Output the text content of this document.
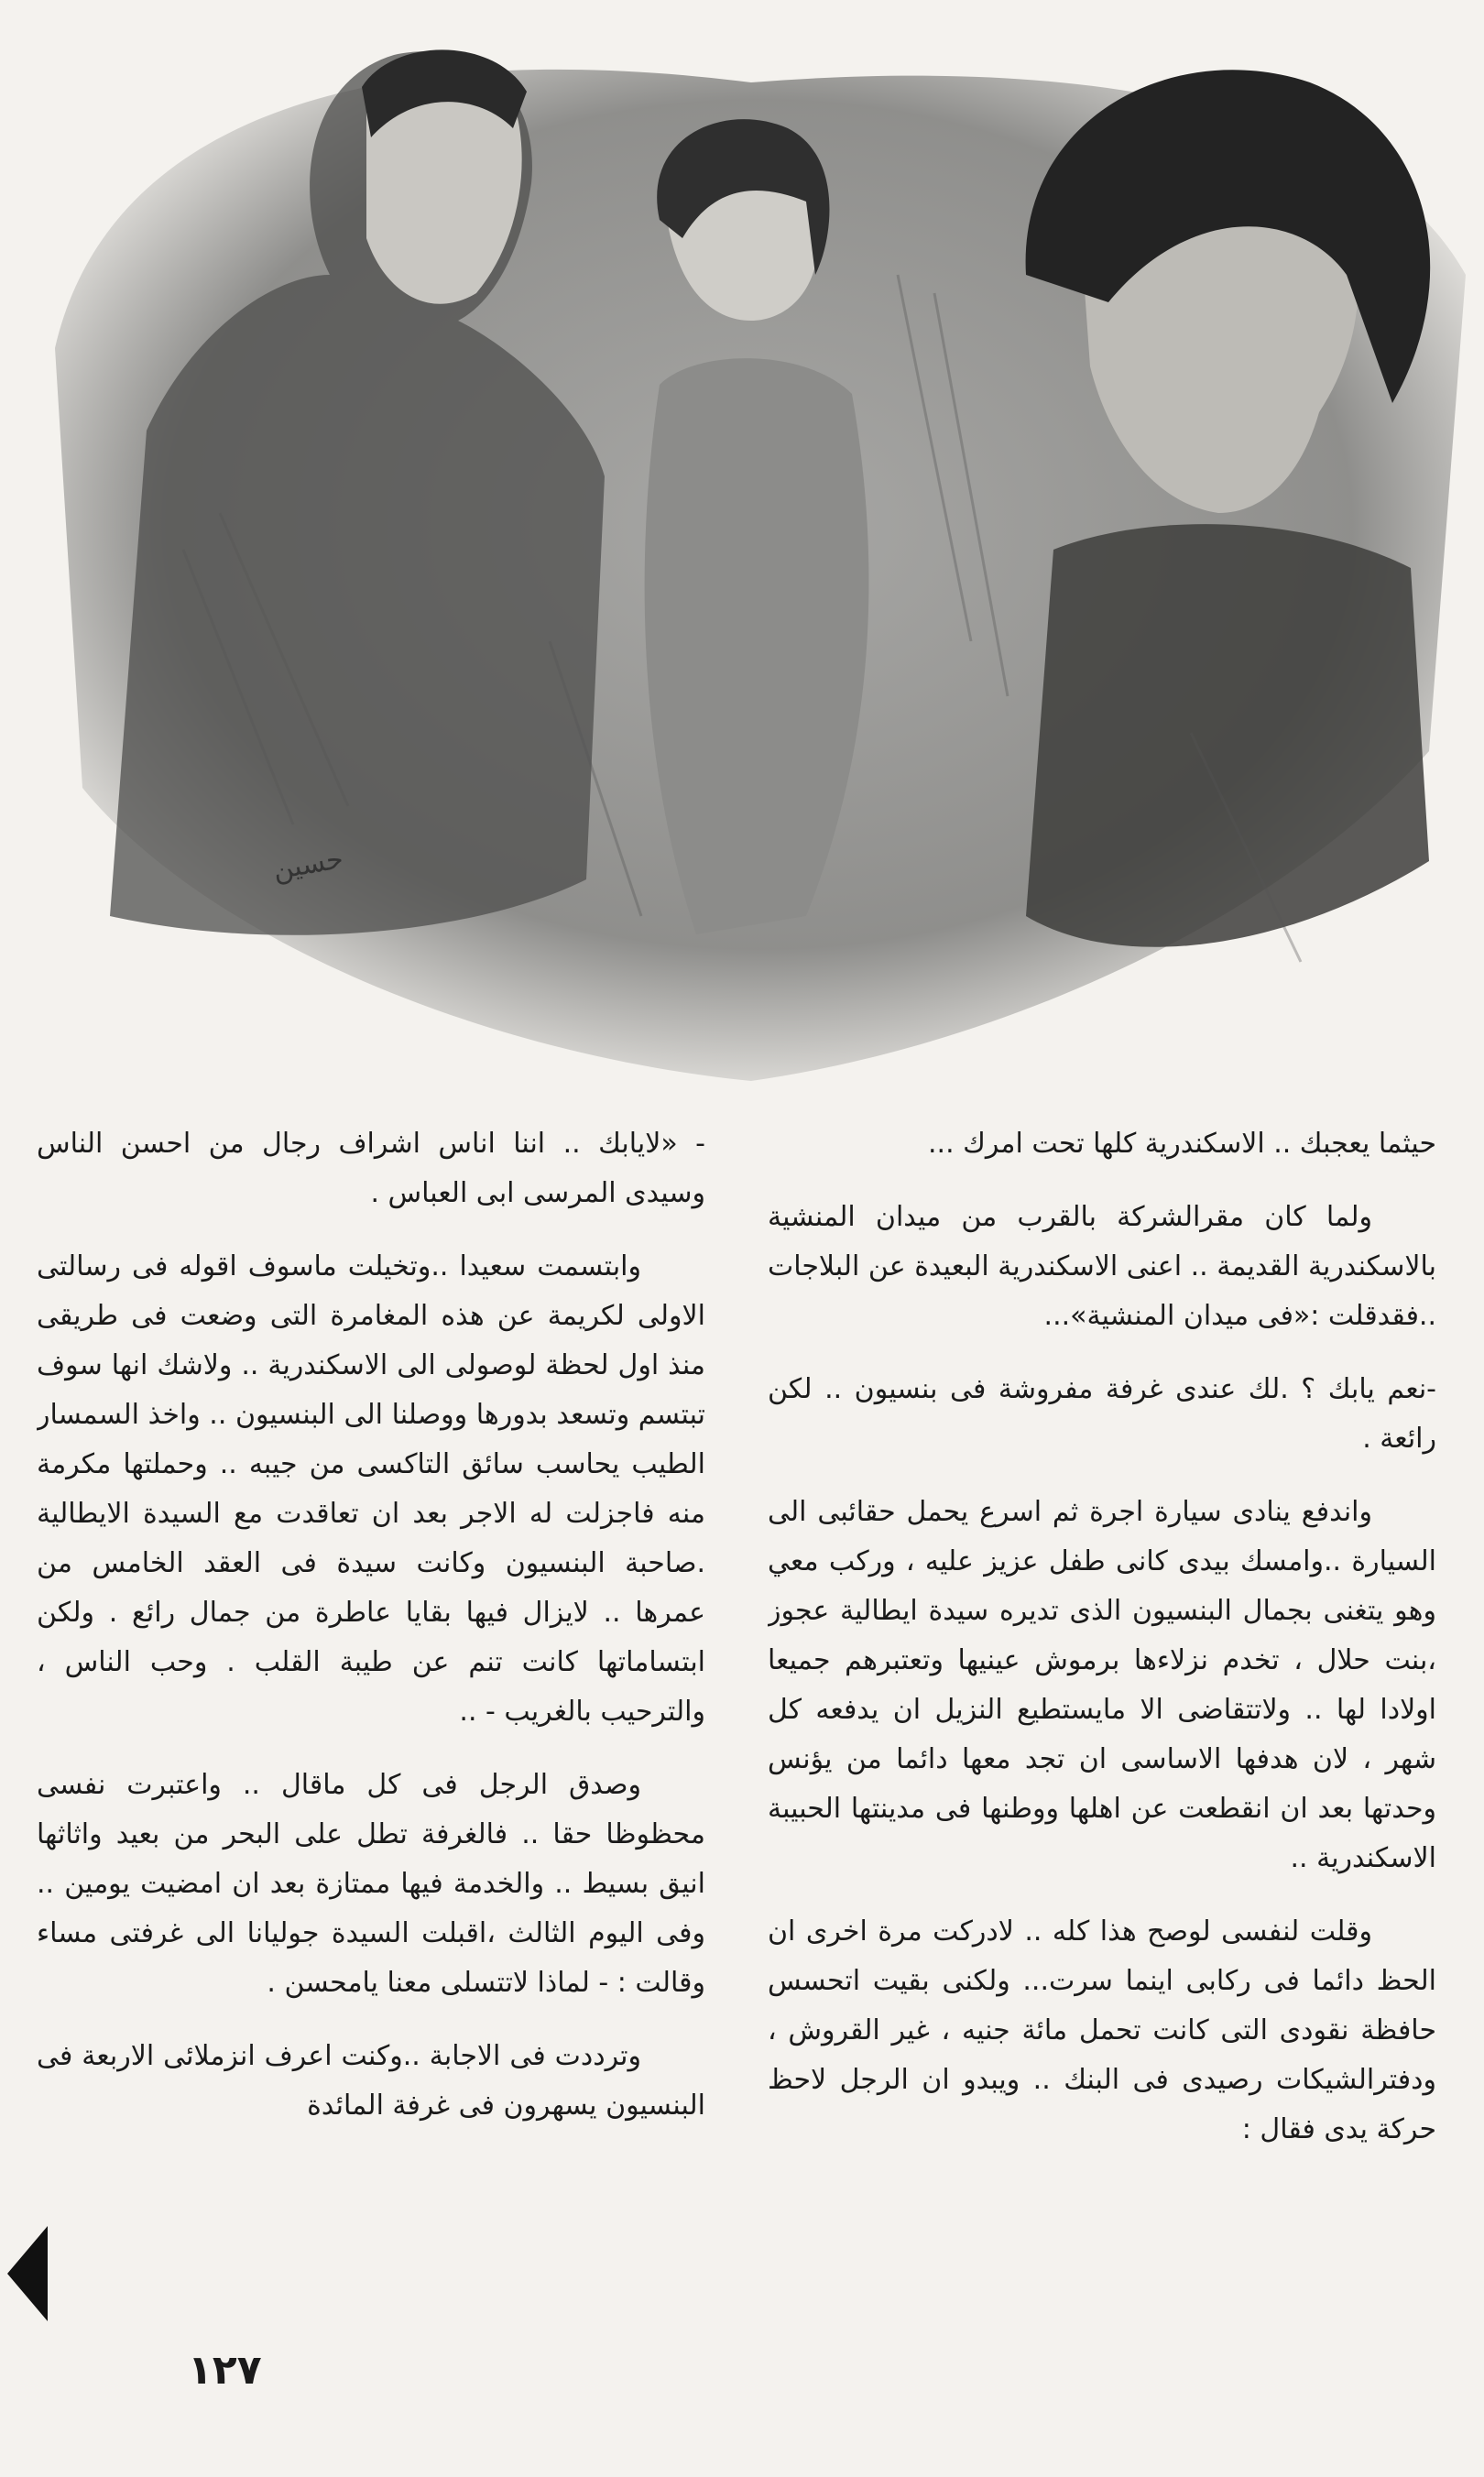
حسين

حيثما يعجبك .. الاسكندرية كلها تحت امرك ...

ولما كان مقرالشركة بالقرب من ميدان المنشية بالاسكندرية القديمة .. اعنى الاسكندرية البعيدة عن البلاجات ..فقدقلت :«فى ميدان المنشية»...

-نعم يابك ؟ .لك عندى غرفة مفروشة فى بنسيون .. لكن رائعة .

واندفع ينادى سيارة اجرة ثم اسرع يحمل حقائبى الى السيارة ..وامسك بيدى كانى طفل عزيز عليه ، وركب معي وهو يتغنى بجمال البنسيون الذى تديره سيدة ايطالية عجوز ،بنت حلال ، تخدم نزلاءها برموش عينيها وتعتبرهم جميعا اولادا لها .. ولاتتقاضى الا مايستطيع النزيل ان يدفعه كل شهر ، لان هدفها الاساسى ان تجد معها دائما من يؤنس وحدتها بعد ان انقطعت عن اهلها ووطنها فى مدينتها الحبيبة الاسكندرية ..

وقلت لنفسى لوصح هذا كله .. لادركت مرة اخرى ان الحظ دائما فى ركابى اينما سرت... ولكنى بقيت اتحسس حافظة نقودى التى كانت تحمل مائة جنيه ، غير القروش ، ودفترالشيكات رصيدى فى البنك .. ويبدو ان الرجل لاحظ حركة يدى فقال :

- «لايابك .. اننا اناس اشراف رجال من احسن الناس وسيدى المرسى ابى العباس .

وابتسمت سعيدا ..وتخيلت ماسوف اقوله فى رسالتى الاولى لكريمة عن هذه المغامرة التى وضعت فى طريقى منذ اول لحظة لوصولى الى الاسكندرية .. ولاشك انها سوف تبتسم وتسعد بدورها ووصلنا الى البنسيون .. واخذ السمسار الطيب يحاسب سائق التاكسى من جيبه .. وحملتها مكرمة منه فاجزلت له الاجر بعد ان تعاقدت مع السيدة الايطالية .صاحبة البنسيون وكانت سيدة فى العقد الخامس من عمرها .. لايزال فيها بقايا عاطرة من جمال رائع . ولكن ابتساماتها كانت تنم عن طيبة القلب . وحب الناس ، والترحيب بالغريب - ..

وصدق الرجل فى كل ماقال .. واعتبرت نفسى محظوظا حقا .. فالغرفة تطل على البحر من بعيد واثاثها انيق بسيط .. والخدمة فيها ممتازة بعد ان امضيت يومين .. وفى اليوم الثالث ،اقبلت السيدة جوليانا الى غرفتى مساء وقالت : - لماذا لاتتسلى معنا يامحسن .

وترددت فى الاجابة ..وكنت اعرف انزملائى الاربعة فى البنسيون يسهرون فى غرفة المائدة

١٢٧
